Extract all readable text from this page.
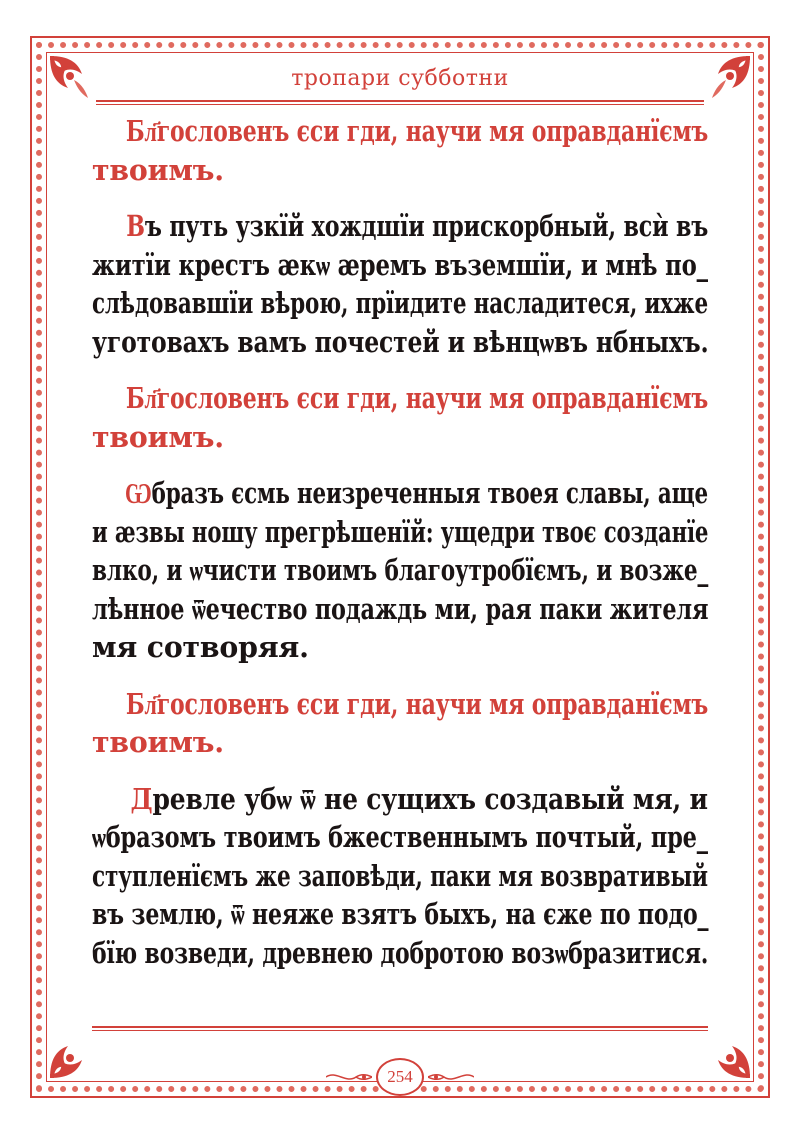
тропари субботни
Бл҃гословенъ єси гди, научи мя оправданїємъ
твоимъ.
Въ путь узкїй хождшїи прискорбный, всѝ въ
житїи крестъ ӕкѡ ӕремъ въземшїи, и мнѣ по_
слѣдовавшїи вѣрою, прїидите насладитеся, ихже
уготовахъ вамъ почестей и вѣнцѡвъ нбныхъ.
Бл҃гословенъ єси гди, научи мя оправданїємъ
твоимъ.
Ѡбразъ єсмь неизреченныя твоея славы, аще
и ӕзвы ношу прегрѣшенїй: ущедри твоє созданїе
влко, и ѡчисти твоимъ благоутробїємъ, и возже_
лѣнное ѿечество подаждь ми, рая паки жителя
мя сотворяя.
Бл҃гословенъ єси гди, научи мя оправданїємъ
твоимъ.
Древле убѡ ѿ не сущихъ создавый мя, и
ѡбразомъ твоимъ бжественнымъ почтый, пре_
ступленїємъ же заповѣди, паки мя возвративый
въ землю, ѿ неяже взятъ быхъ, на єже по подо_
бїю возведи, древнею добротою возѡбразитися.
254
